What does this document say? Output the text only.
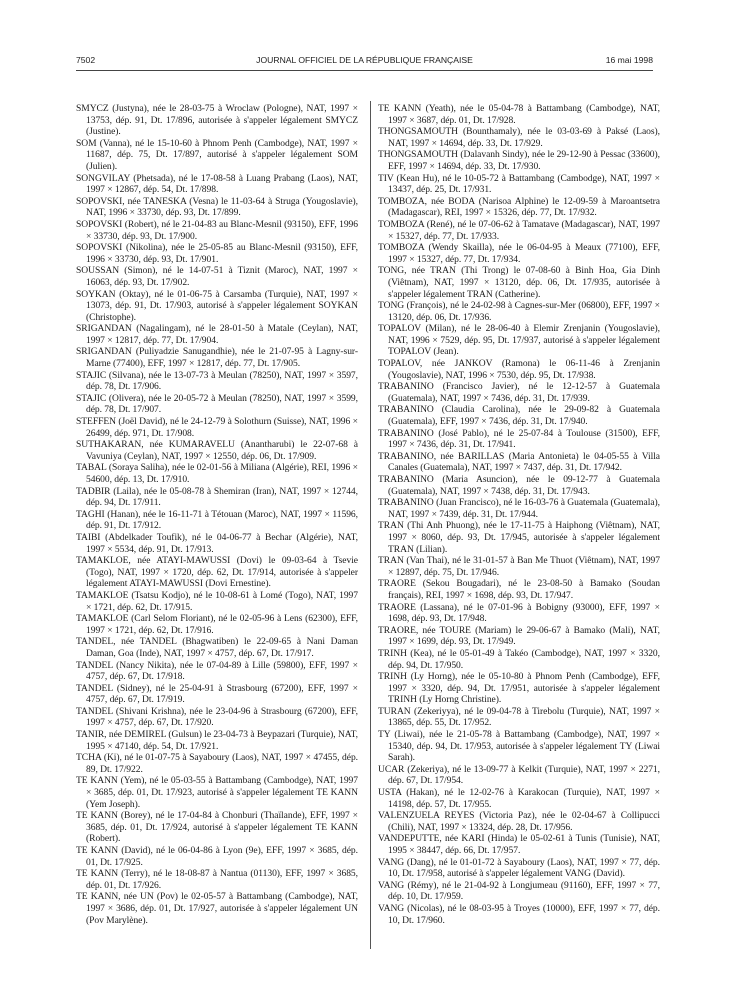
7502	JOURNAL OFFICIEL DE LA RÉPUBLIQUE FRANÇAISE	16 mai 1998

SMYCZ (Justyna), née le 28-03-75 à Wroclaw (Pologne), NAT, 1997 × 13753, dép. 91, Dt. 17/896, autorisée à s'appeler légalement SMYCZ (Justine).

SOM (Vanna), né le 15-10-60 à Phnom Penh (Cambodge), NAT, 1997 × 11687, dép. 75, Dt. 17/897, autorisé à s'appeler légalement SOM (Julien).

SONGVILAY (Phetsada), né le 17-08-58 à Luang Prabang (Laos), NAT, 1997 × 12867, dép. 54, Dt. 17/898.

SOPOVSKI, née TANESKA (Vesna) le 11-03-64 à Struga (Yougoslavie), NAT, 1996 × 33730, dép. 93, Dt. 17/899.

SOPOVSKI (Robert), né le 21-04-83 au Blanc-Mesnil (93150), EFF, 1996 × 33730, dép. 93, Dt. 17/900.

SOPOVSKI (Nikolina), née le 25-05-85 au Blanc-Mesnil (93150), EFF, 1996 × 33730, dép. 93, Dt. 17/901.

SOUSSAN (Simon), né le 14-07-51 à Tiznit (Maroc), NAT, 1997 × 16063, dép. 93, Dt. 17/902.

SOYKAN (Oktay), né le 01-06-75 à Carsamba (Turquie), NAT, 1997 × 13073, dép. 91, Dt. 17/903, autorisé à s'appeler légalement SOYKAN (Christophe).

SRIGANDAN (Nagalingam), né le 28-01-50 à Matale (Ceylan), NAT, 1997 × 12817, dép. 77, Dt. 17/904.

SRIGANDAN (Puliyadzie Sanugandhie), née le 21-07-95 à Lagny-sur-Marne (77400), EFF, 1997 × 12817, dép. 77, Dt. 17/905.

STAJIC (Silvana), née le 13-07-73 à Meulan (78250), NAT, 1997 × 3597, dép. 78, Dt. 17/906.

STAJIC (Olivera), née le 20-05-72 à Meulan (78250), NAT, 1997 × 3599, dép. 78, Dt. 17/907.

STEFFEN (Joël David), né le 24-12-79 à Solothurn (Suisse), NAT, 1996 × 26499, dép. 971, Dt. 17/908.

SUTHAKARAN, née KUMARAVELU (Anantharubi) le 22-07-68 à Vavuniya (Ceylan), NAT, 1997 × 12550, dép. 06, Dt. 17/909.

TABAL (Soraya Saliha), née le 02-01-56 à Miliana (Algérie), REI, 1996 × 54600, dép. 13, Dt. 17/910.

TADBIR (Laila), née le 05-08-78 à Shemiran (Iran), NAT, 1997 × 12744, dép. 94, Dt. 17/911.

TAGHI (Hanan), née le 16-11-71 à Tétouan (Maroc), NAT, 1997 × 11596, dép. 91, Dt. 17/912.

TAIBI (Abdelkader Toufik), né le 04-06-77 à Bechar (Algérie), NAT, 1997 × 5534, dép. 91, Dt. 17/913.

TAMAKLOE, née ATAYI-MAWUSSI (Dovi) le 09-03-64 à Tsevie (Togo), NAT, 1997 × 1720, dép. 62, Dt. 17/914, autorisée à s'appeler légalement ATAYI-MAWUSSI (Dovi Ernestine).

TAMAKLOE (Tsatsu Kodjo), né le 10-08-61 à Lomé (Togo), NAT, 1997 × 1721, dép. 62, Dt. 17/915.

TAMAKLOE (Carl Selom Floriant), né le 02-05-96 à Lens (62300), EFF, 1997 × 1721, dép. 62, Dt. 17/916.

TANDEL, née TANDEL (Bhagwatiben) le 22-09-65 à Nani Daman Daman, Goa (Inde), NAT, 1997 × 4757, dép. 67, Dt. 17/917.

TANDEL (Nancy Nikita), née le 07-04-89 à Lille (59800), EFF, 1997 × 4757, dép. 67, Dt. 17/918.

TANDEL (Sidney), né le 25-04-91 à Strasbourg (67200), EFF, 1997 × 4757, dép. 67, Dt. 17/919.

TANDEL (Shivani Krishna), née le 23-04-96 à Strasbourg (67200), EFF, 1997 × 4757, dép. 67, Dt. 17/920.

TANIR, née DEMIREL (Gulsun) le 23-04-73 à Beypazari (Turquie), NAT, 1995 × 47140, dép. 54, Dt. 17/921.

TCHA (Ki), né le 01-07-75 à Sayaboury (Laos), NAT, 1997 × 47455, dép. 89, Dt. 17/922.

TE KANN (Yem), né le 05-03-55 à Battambang (Cambodge), NAT, 1997 × 3685, dép. 01, Dt. 17/923, autorisé à s'appeler légalement TE KANN (Yem Joseph).

TE KANN (Borey), né le 17-04-84 à Chonburi (Thaïlande), EFF, 1997 × 3685, dép. 01, Dt. 17/924, autorisé à s'appeler légalement TE KANN (Robert).

TE KANN (David), né le 06-04-86 à Lyon (9e), EFF, 1997 × 3685, dép. 01, Dt. 17/925.

TE KANN (Terry), né le 18-08-87 à Nantua (01130), EFF, 1997 × 3685, dép. 01, Dt. 17/926.

TE KANN, née UN (Pov) le 02-05-57 à Battambang (Cambodge), NAT, 1997 × 3686, dép. 01, Dt. 17/927, autorisée à s'appeler légalement UN (Pov Marylène).

TE KANN (Yeath), née le 05-04-78 à Battambang (Cambodge), NAT, 1997 × 3687, dép. 01, Dt. 17/928.

THONGSAMOUTH (Bounthamaly), née le 03-03-69 à Paksé (Laos), NAT, 1997 × 14694, dép. 33, Dt. 17/929.

THONGSAMOUTH (Dalavanh Sindy), née le 29-12-90 à Pessac (33600), EFF, 1997 × 14694, dép. 33, Dt. 17/930.

TIV (Kean Hu), né le 10-05-72 à Battambang (Cambodge), NAT, 1997 × 13437, dép. 25, Dt. 17/931.

TOMBOZA, née BODA (Narisoa Alphine) le 12-09-59 à Maroantsetra (Madagascar), REI, 1997 × 15326, dép. 77, Dt. 17/932.

TOMBOZA (René), né le 07-06-62 à Tamatave (Madagascar), NAT, 1997 × 15327, dép. 77, Dt. 17/933.

TOMBOZA (Wendy Skailla), née le 06-04-95 à Meaux (77100), EFF, 1997 × 15327, dép. 77, Dt. 17/934.

TONG, née TRAN (Thi Trong) le 07-08-60 à Binh Hoa, Gia Dinh (Viêtnam), NAT, 1997 × 13120, dép. 06, Dt. 17/935, autorisée à s'appeler légalement TRAN (Catherine).

TONG (François), né le 24-02-98 à Cagnes-sur-Mer (06800), EFF, 1997 × 13120, dép. 06, Dt. 17/936.

TOPALOV (Milan), né le 28-06-40 à Elemir Zrenjanin (Yougoslavie), NAT, 1996 × 7529, dép. 95, Dt. 17/937, autorisé à s'appeler légalement TOPALOV (Jean).

TOPALOV, née JANKOV (Ramona) le 06-11-46 à Zrenjanin (Yougoslavie), NAT, 1996 × 7530, dép. 95, Dt. 17/938.

TRABANINO (Francisco Javier), né le 12-12-57 à Guatemala (Guatemala), NAT, 1997 × 7436, dép. 31, Dt. 17/939.

TRABANINO (Claudia Carolina), née le 29-09-82 à Guatemala (Guatemala), EFF, 1997 × 7436, dép. 31, Dt. 17/940.

TRABANINO (José Pablo), né le 25-07-84 à Toulouse (31500), EFF, 1997 × 7436, dép. 31, Dt. 17/941.

TRABANINO, née BARILLAS (Maria Antonieta) le 04-05-55 à Villa Canales (Guatemala), NAT, 1997 × 7437, dép. 31, Dt. 17/942.

TRABANINO (Maria Asuncion), née le 09-12-77 à Guatemala (Guatemala), NAT, 1997 × 7438, dép. 31, Dt. 17/943.

TRABANINO (Juan Francisco), né le 16-03-76 à Guatemala (Guatemala), NAT, 1997 × 7439, dép. 31, Dt. 17/944.

TRAN (Thi Anh Phuong), née le 17-11-75 à Haiphong (Viêtnam), NAT, 1997 × 8060, dép. 93, Dt. 17/945, autorisée à s'appeler légalement TRAN (Lilian).

TRAN (Van Thai), né le 31-01-57 à Ban Me Thuot (Viêtnam), NAT, 1997 × 12897, dép. 75, Dt. 17/946.

TRAORE (Sekou Bougadari), né le 23-08-50 à Bamako (Soudan français), REI, 1997 × 1698, dép. 93, Dt. 17/947.

TRAORE (Lassana), né le 07-01-96 à Bobigny (93000), EFF, 1997 × 1698, dép. 93, Dt. 17/948.

TRAORE, née TOURE (Mariam) le 29-06-67 à Bamako (Mali), NAT, 1997 × 1699, dép. 93, Dt. 17/949.

TRINH (Kea), né le 05-01-49 à Takéo (Cambodge), NAT, 1997 × 3320, dép. 94, Dt. 17/950.

TRINH (Ly Horng), née le 05-10-80 à Phnom Penh (Cambodge), EFF, 1997 × 3320, dép. 94, Dt. 17/951, autorisée à s'appeler légalement TRINH (Ly Horng Christine).

TURAN (Zekeriyya), né le 09-04-78 à Tirebolu (Turquie), NAT, 1997 × 13865, dép. 55, Dt. 17/952.

TY (Liwai), née le 21-05-78 à Battambang (Cambodge), NAT, 1997 × 15340, dép. 94, Dt. 17/953, autorisée à s'appeler légalement TY (Liwai Sarah).

UCAR (Zekeriya), né le 13-09-77 à Kelkit (Turquie), NAT, 1997 × 2271, dép. 67, Dt. 17/954.

USTA (Hakan), né le 12-02-76 à Karakocan (Turquie), NAT, 1997 × 14198, dép. 57, Dt. 17/955.

VALENZUELA REYES (Victoria Paz), née le 02-04-67 à Collipucci (Chili), NAT, 1997 × 13324, dép. 28, Dt. 17/956.

VANDEPUTTE, née KARI (Hinda) le 05-02-61 à Tunis (Tunisie), NAT, 1995 × 38447, dép. 66, Dt. 17/957.

VANG (Dang), né le 01-01-72 à Sayaboury (Laos), NAT, 1997 × 77, dép. 10, Dt. 17/958, autorisé à s'appeler légalement VANG (David).

VANG (Rémy), né le 21-04-92 à Longjumeau (91160), EFF, 1997 × 77, dép. 10, Dt. 17/959.

VANG (Nicolas), né le 08-03-95 à Troyes (10000), EFF, 1997 × 77, dép. 10, Dt. 17/960.
